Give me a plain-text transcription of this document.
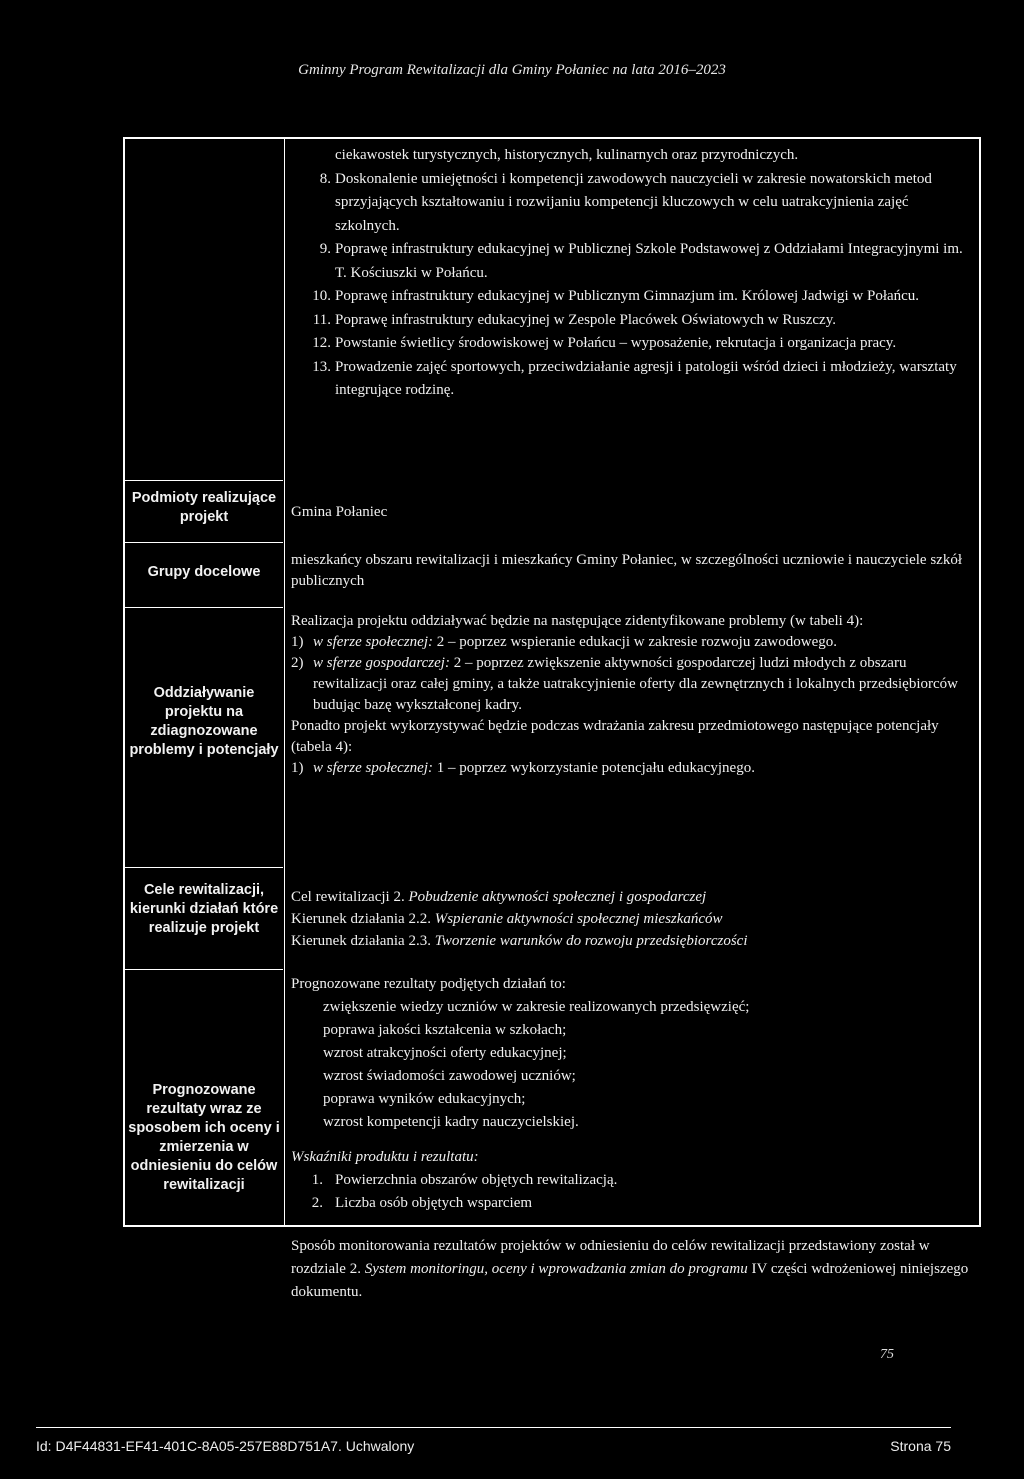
Gminny Program Rewitalizacji dla Gminy Połaniec na lata 2016–2023
Podmioty realizujące projekt
Grupy docelowe
Oddziaływanie projektu na zdiagnozowane problemy i potencjały
Cele rewitalizacji, kierunki działań które realizuje projekt
Prognozowane rezultaty wraz ze sposobem ich oceny i zmierzenia w odniesieniu do celów rewitalizacji

ciekawostek turystycznych, historycznych, kulinarnych oraz przyrodniczych.

8. Doskonalenie umiejętności i kompetencji zawodowych nauczycieli w zakresie nowatorskich metod sprzyjających kształtowaniu i rozwijaniu kompetencji kluczowych w celu uatrakcyjnienia zajęć szkolnych.
9. Poprawę infrastruktury edukacyjnej w Publicznej Szkole Podstawowej z Oddziałami Integracyjnymi im. T. Kościuszki w Połańcu.
10. Poprawę infrastruktury edukacyjnej w Publicznym Gimnazjum im. Królowej Jadwigi w Połańcu.
11. Poprawę infrastruktury edukacyjnej w Zespole Placówek Oświatowych w Ruszczy.
12. Powstanie świetlicy środowiskowej w Połańcu – wyposażenie, rekrutacja i organizacja pracy.
13. Prowadzenie zajęć sportowych, przeciwdziałanie agresji i patologii wśród dzieci i młodzieży, warsztaty integrujące rodzinę.
Gmina Połaniec
mieszkańcy obszaru rewitalizacji i mieszkańcy Gminy Połaniec, w szczególności uczniowie i nauczyciele szkół publicznych

Realizacja projektu oddziaływać będzie na następujące zidentyfikowane problemy (w tabeli 4):

1) w sferze społecznej: 2 – poprzez wspieranie edukacji w zakresie rozwoju zawodowego.
2) w sferze gospodarczej: 2 – poprzez zwiększenie aktywności gospodarczej ludzi młodych z obszaru rewitalizacji oraz całej gminy, a także uatrakcyjnienie oferty dla zewnętrznych i lokalnych przedsiębiorców budując bazę wykształconej kadry.

Ponadto projekt wykorzystywać będzie podczas wdrażania zakresu przedmiotowego następujące potencjały (tabela 4):

1) w sferze społecznej: 1 – poprzez wykorzystanie potencjału edukacyjnego.

Cel rewitalizacji 2. Pobudzenie aktywności społecznej i gospodarczej

Kierunek działania 2.2. Wspieranie aktywności społecznej mieszkańców

Kierunek działania 2.3. Tworzenie warunków do rozwoju przedsiębiorczości

Prognozowane rezultaty podjętych działań to:

zwiększenie wiedzy uczniów w zakresie realizowanych przedsięwzięć;

poprawa jakości kształcenia w szkołach;

wzrost atrakcyjności oferty edukacyjnej;

wzrost świadomości zawodowej uczniów;

poprawa wyników edukacyjnych;

wzrost kompetencji kadry nauczycielskiej.

Wskaźniki produktu i rezultatu:

1. Powierzchnia obszarów objętych rewitalizacją.
2. Liczba osób objętych wsparciem

Sposób monitorowania rezultatów projektów w odniesieniu do celów rewitalizacji przedstawiony został w rozdziale 2. System monitoringu, oceny i wprowadzania zmian do programu IV części wdrożeniowej niniejszego dokumentu.

75
Id: D4F44831-EF41-401C-8A05-257E88D751A7. Uchwalony	Strona 75
